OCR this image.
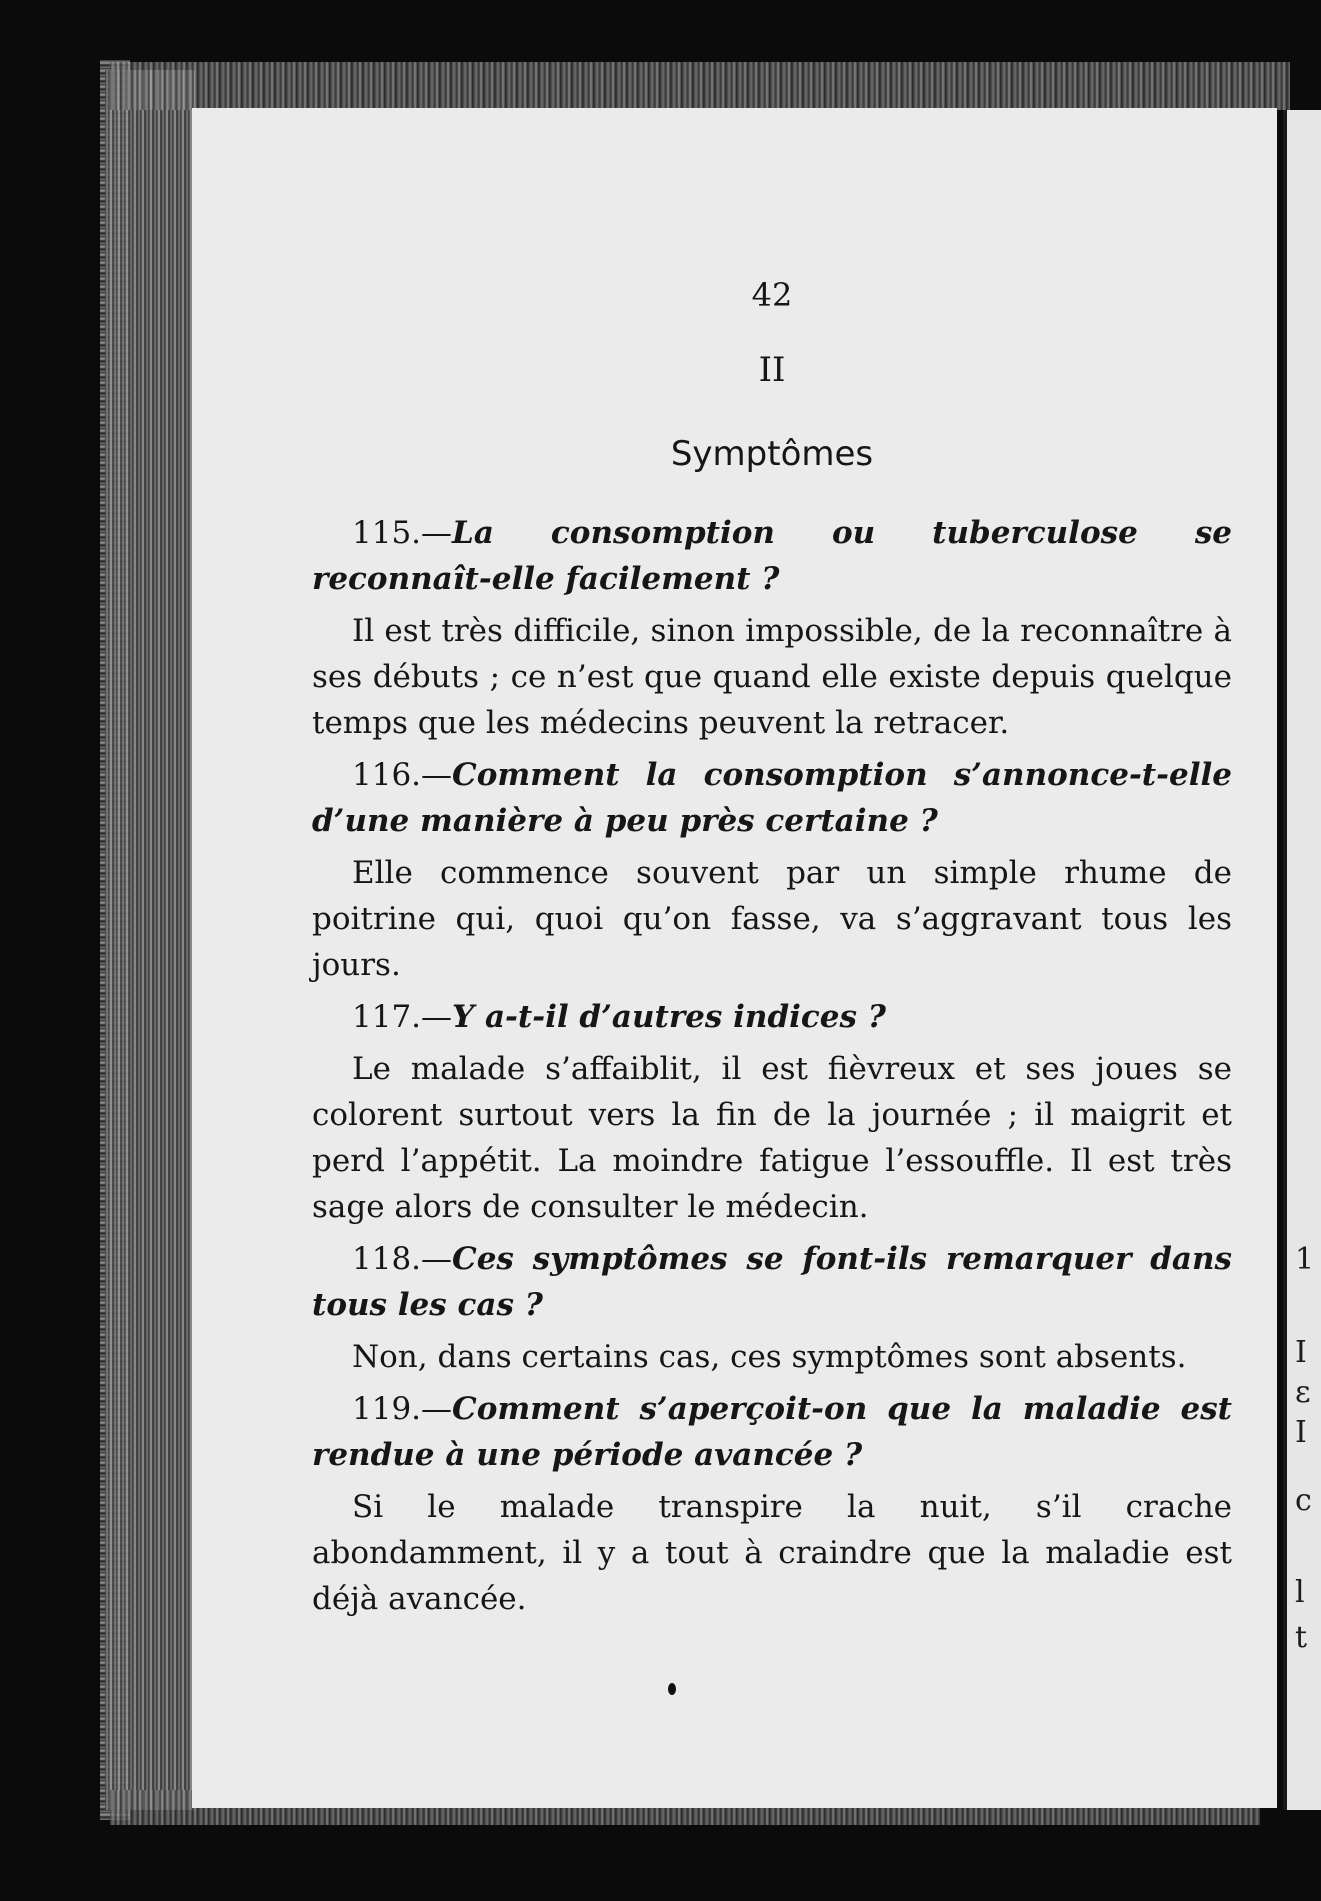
1
I
ɛ
I
c
l
t
42
II
Symptômes

115.—La consomption ou tuberculose se reconnaît-elle facilement ?

Il est très difficile, sinon impossible, de la reconnaître à ses débuts ; ce n’est que quand elle existe depuis quelque temps que les médecins peuvent la retracer.

116.—Comment la consomption s’annonce-t-elle d’une manière à peu près certaine ?

Elle commence souvent par un simple rhume de poitrine qui, quoi qu’on fasse, va s’aggravant tous les jours.

117.—Y a-t-il d’autres indices ?

Le malade s’affaiblit, il est fièvreux et ses joues se colorent surtout vers la fin de la journée ; il maigrit et perd l’appétit. La moindre fatigue l’essouffle. Il est très sage alors de consulter le médecin.

118.—Ces symptômes se font-ils remarquer dans tous les cas ?

Non, dans certains cas, ces symptômes sont absents.

119.—Comment s’aperçoit-on que la maladie est rendue à une période avancée ?

Si le malade transpire la nuit, s’il crache abondamment, il y a tout à craindre que la maladie est déjà avancée.
